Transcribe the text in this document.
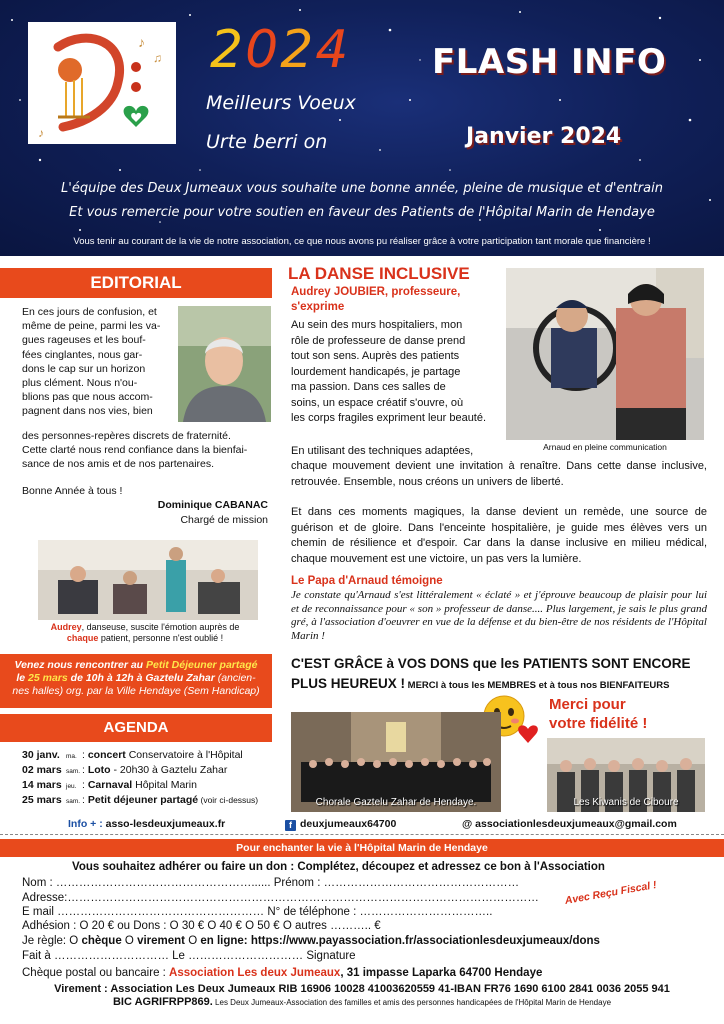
♪
♫
♪
2024
Meilleurs Voeux
Urte berri on
FLASH INFO
Janvier 2024
L'équipe des Deux Jumeaux vous souhaite une bonne année, pleine de musique et d'entrain
Et vous remercie pour votre soutien en faveur des Patients de l'Hôpital Marin de Hendaye
Vous tenir au courant de la vie de notre association, ce que nous avons pu réaliser grâce à votre participation tant morale que financière !
EDITORIAL
En ces jours de confusion, et
même de peine, parmi les va-
gues rageuses et les bouf-
fées cinglantes, nous gar-
dons le cap sur un horizon
plus clément. Nous n'ou-
blions pas que nous accom-
pagnent dans nos vies, bien
des personnes-repères discrets de fraternité.
Cette clarté nous rend confiance dans la bienfai-
sance de nos amis et de nos partenaires.
Bonne Année à tous !
Dominique CABANAC
Chargé de mission
Audrey, danseuse, suscite l'émotion auprès de
chaque patient, personne n'est oublié !
Venez nous rencontrer au Petit Déjeuner partagé
le 25 mars de 10h à 12h à Gaztelu Zahar (ancien-
nes halles) org. par la Ville Hendaye (Sem Handicap)
AGENDA
30 janv. ma. : concert Conservatoire à l'Hôpital
02 mars sam. : Loto - 20h30 à Gaztelu Zahar
14 mars jeu. : Carnaval Hôpital Marin
25 mars sam. : Petit déjeuner partagé (voir ci-dessus)
LA DANSE INCLUSIVE
Audrey JOUBIER, professeure,
s'exprime
Au sein des murs hospitaliers, mon
rôle de professeure de danse prend
tout son sens. Auprès des patients
lourdement handicapés, je partage
ma passion. Dans ces salles de
soins, un espace créatif s'ouvre, où
les corps fragiles expriment leur beauté.
Arnaud en pleine communication
En utilisant des techniques adaptées,
chaque mouvement devient une invitation à renaître. Dans cette danse inclusive, retrouvée. Ensemble, nous créons un univers de liberté.
Et dans ces moments magiques, la danse devient un remède, une source de guérison et de gloire. Dans l'enceinte hospitalière, je guide mes élèves vers un chemin de résilience et d'espoir. Car dans la danse inclusive en milieu médical, chaque mouvement est une victoire, un pas vers la lumière.
Le Papa d'Arnaud témoigne
Je constate qu'Arnaud s'est littéralement « éclaté » et j'éprouve beaucoup de plaisir pour lui et de reconnaissance pour « son » professeur de danse.... Plus largement, je sais le plus grand gré, à l'association d'oeuvrer en vue de la défense et du bien-être de nos résidents de l'Hôpital Marin !
C'EST GRÂCE à VOS DONS que les PATIENTS SONT ENCORE
PLUS HEUREUX ! MERCI à tous les MEMBRES et à tous nos BIENFAITEURS
Merci pour
votre fidélité !
Chorale Gaztelu Zahar de Hendaye.	Les Kiwanis de Ciboure
Info + : asso-lesdeuxjumeaux.fr	f deuxjumeaux64700	@ associationlesdeuxjumeaux@gmail.com
Pour enchanter la vie à l'Hôpital Marin de Hendaye
Vous souhaitez adhérer ou faire un don : Complétez, découpez et adressez ce bon à l'Association
Nom : ……………………………………………...... Prénom : ……………………………………………
Adresse:……………………………………………………………………………………………………………
E mail ……………………………………………… N° de téléphone : ……………………………..
Avec Reçu Fiscal !
Adhésion : O 20 € ou Dons : O 30 € O 40 € O 50 € O autres ……….. €
Je règle: O chèque O virement O en ligne: https://www.payassociation.fr/associationlesdeuxjumeaux/dons
Fait à ………………………… Le ………………………… Signature
Chèque postal ou bancaire : Association Les deux Jumeaux, 31 impasse Laparka 64700 Hendaye
Virement : Association Les Deux Jumeaux RIB 16906 10028 41003620559 41-IBAN FR76 1690 6100 2841 0036 2055 941
BIC AGRIFRPP869. Les Deux Jumeaux-Association des familles et amis des personnes handicapées de l'Hôpital Marin de Hendaye
